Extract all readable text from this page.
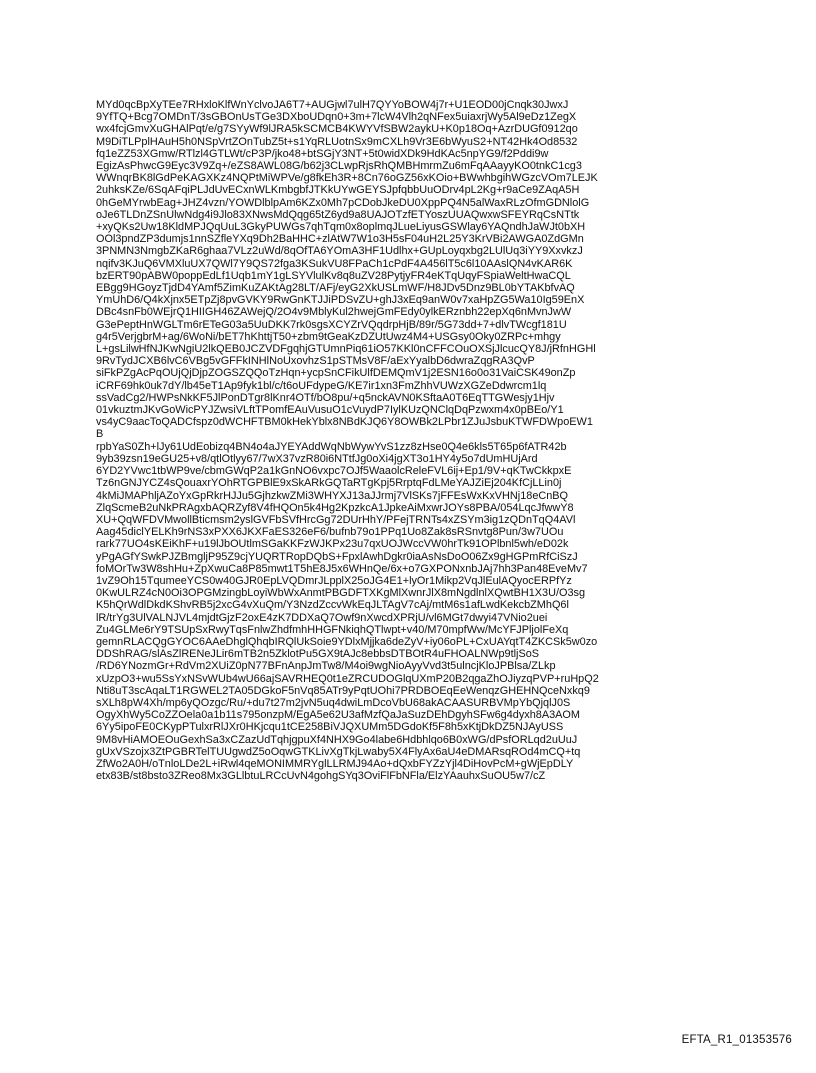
MYd0qcBpXyTEe7RHxloKlfWnYclvoJA6T7+AUGjwl7ulH7QYYoBOW4j7r+U1EOD00jCnqk30JwxJ
9YfTQ+Bcg7OMDnT/3sGBOnUsTGe3DXboUDqn0+3m+7lcW4Vlh2qNFex5uiaxrjWy5Al9eDz1ZegX
wx4fcjGmvXuGHAlPqt/e/g7SYyWf9lJRA5kSCMCB4KWYVfSBW2aykU+K0p18Oq+AzrDUGf0912qo
M9DiTLPplHAuH5h0NSpVrtZOnTubZ5t+s1YqRLUotnSx9mCXLh9Vr3E6bWyuS2+NT42Hk4Od8532
fq1eZZ53XGmw/RTlzl4GTLWt/cP3P/jko48+btSGjY3NT+5t0widXDk9HdKAc5npYG9/f2Pddi9w
EgizAsPhwcG9Eyc3V9Zq+/eZS8AWL08G/b62j3CLwpRjsRhQMBHmrmZu6mFqAAayyKO0tnkC1cg3
WWnqrBK8lGdPeKAGXKz4NQPtMiWPVe/g8fkEh3R+8Cn76oGZ56xKOio+BWwhbgihWGzcVOm7LEJK
2uhksKZe/6SqAFqiPLJdUvECxnWLKmbgbfJTKkUYwGEYSJpfqbbUuODrv4pL2Kg+r9aCe9ZAqA5H
0hGeMYrwbEag+JHZ4vzn/YOWDlblpAm6KZx0Mh7pCDobJkeDU0XppPQ4N5alWaxRLzOfmGDNlolG
oJe6TLDnZSnUlwNdg4i9Jlo83XNwsMdQqg65tZ6yd9a8UAJOTzfETYoszUUAQwxwSFEYRqCsNTtk
+xyQKs2Uw18KldMPJQqUuL3GkyPUWGs7qhTqm0x8oplmqJLueLiyusGSWlay6YAQndhJaWJt0bXH
OOl3pndZP3dumjs1nnSZfleYXq9Dh2BaHHC+zlAtW7W1o3H5sF04uH2L25Y3KrVBi2AWGA0ZdGMn
3PNMN3NmgbZKaR6ghaa7VLz2uWd/8qOfTA6YOmA3HF1Udlhx+GUpLoyqxbg2LUlUq3iYY9XxvkzJ
nqifv3KJuQ6VMXluUX7QWl7Y9QS72fga3KSukVU8FPaCh1cPdF4A456lT5c6l10AAslQN4vKAR6K
bzERT90pABW0poppEdLf1Uqb1mY1gLSYVlulKv8q8uZV28PytjyFR4eKTqUqyFSpiaWeltHwaCQL
EBgg9HGoyzTjdD4YAmf5ZimKuZAKtAg28LT/AFj/eyG2XkUSLmWF/H8JDv5Dnz9BL0bYTAKbfvAQ
YmUhD6/Q4kXjnx5ETpZj8pvGVKY9RwGnKTJJiPDSvZU+ghJ3xEq9anW0v7xaHpZG5Wa10Ig59EnX
DBc4snFb0WEjrQ1HIIGH46ZAWejQ/2O4v9MblyKul2hwejGmFEdy0ylkERznbh22epXq6nMvnJwW
G3ePeptHnWGLTm6rETeG03a5UuDKK7rk0sgsXCYZrVQqdrpHjB/89r/5G73dd+7+dlvTWcgf181U
g4r5VerjgbrM+ag/6WoNi/bET7hKhttjT50+zbm9tGeaKzDZUtUwz4M4+USGsy0Oky0ZRPc+mhgy
L+gsLilwHfNJKwNgiU2lkQEB0JCZVDFgqhjGTUmnPiq61iO57KKl0nCFFCOuOXSjJlcucQY8J/jRfnHGHl
9RvTydJCXB6lvC6VBg5vGFFkINHlNoUxovhzS1pSTMsV8F/aExYyalbD6dwraZqgRA3QvP
siFkPZgAcPqOUjQjDjpZOGSZQQoTzHqn+ycpSnCFikUlfDEMQmV1j2ESN16o0o31VaiCSK49onZp
iCRF69hk0uk7dY/lb45eT1Ap9fyk1bl/c/t6oUFdypeG/KE7ir1xn3FmZhhVUWzXGZeDdwrcm1lq
ssVadCg2/HWPsNkKF5JlPonDTgr8lKnr4OTf/bO8pu/+q5nckAVN0KSftaA0T6EqTTGWesjy1Hjv
01vkuztmJKvGoWicPYJZwsiVLftTPomfEAuVusuO1cVuydP7IylKUzQNClqDqPzwxm4x0pBEo/Y1
vs4yC9aacToQADCfspz0dWCHFTBM0kHekYblx8NBdKJQ6Y8OWBk2LPbr1ZJuJsbuKTWFDWpoEW1
B
rpbYaS0Zh+lJy61UdEobizq4BN4o4aJYEYAddWqNbWywYvS1zz8zHse0Q4e6kls5T65p6fATR42b
9yb39zsn19eGU25+v8/qtlOtlyy67/7wX37vzR80i6NTtfJg0oXi4jgXT3o1HY4y5o7dUmHUjArd
6YD2YVwc1tbWP9ve/cbmGWqP2a1kGnNO6vxpc7OJf5WaaolcReleFVL6ij+Ep1/9V+qKTwCkkpxE
Tz6nGNJYCZ4sQouaxrYOhRTGPBlE9xSkARkGQTaRTgKpj5RrptqFdLMeYAJZiEj204KfCjLLin0j
4kMiJMAPhljAZoYxGpRkrHJJu5GjhzkwZMi3WHYXJ13aJJrmj7VlSKs7jFFEsWxKxVHNj18eCnBQ
ZlqScmeB2uNkPRAgxbAQRZyf8V4fHQOn5k4Hg2KpzkcA1JpkeAiMxwrJOYs8PBA/054LqcJfwwY8
XU+QqWFDVMwollBticmsm2yslGVFbSVfHrcGg72DUrHhY/PFejTRNTs4xZSYm3ig1zQDnTqQ4AVl
Aag45diclYELKh9rNS3xPXX6JKXFaES326eF6/bufnb79o1PPq1Uo8Zak8sRSnvtg8Pun/3w7UOu
rark77UO4sKEiKhF+u19lJbOUtlmSGaKKFzWJKPx23u7qxUOJWccVW0hrTk91OPlbnl5wh/eD02k
yPgAGfYSwkPJZBmgljP95Z9cjYUQRTRopDQbS+FpxlAwhDgkr0iaAsNsDoO06Zx9gHGPmRfCiSzJ
foMOrTw3W8shHu+ZpXwuCa8P85mwt1T5hE8J5x6WHnQe/6x+o7GXPONxnbJAj7hh3Pan48EveMv7
1vZ9Oh15TqumeeYCS0w40GJR0EpLVQDmrJLpplX25oJG4E1+lyOr1Mikp2VqJlEulAQyocERPfYz
0KwULRZ4cN0Oi3OPGMzingbLoyiWbWxAnmtPBGDFTXKgMlXwnrJlX8mNgdlnlXQwtBH1X3U/O3sg
K5hQrWdlDkdKShvRB5j2xcG4vXuQm/Y3NzdZccvWkEqJLTAgV7cAj/mtM6s1afLwdKekcbZMhQ6l
lR/trYg3UlVALNJVL4mjdtGjzF2oxE4zK7DDXaQ7Owf9nXwcdXPRjU/vl6MGt7dwyi47VNio2uei
Zu4GLMe6rY9TSUpSxRwyTqsFnlwZhdfmhHHGFNkiqhQTlwpt+v40/M70mpfWw/McYFJPljolFeXq
gemnRLACQgGYOC6AAeDhglQhqbIRQlUkSoie9YDlxMjjka6deZyV+iy06oPL+CxUAYqtT4ZKCSk5w0zo
DDShRAG/slAsZlRENeJLir6mTB2n5ZklotPu5GX9tAJc8ebbsDTBOtR4uFHOALNWp9tljSoS
/RD6YNozmGr+RdVm2XUiZ0pN77BFnAnpJmTw8/M4oi9wgNioAyyVvd3t5ulncjKloJPBlsa/ZLkp
xUzpO3+wu5SsYxNSvWUb4wU66ajSAVRHEQ0t1eZRCUDOGlqUXmP20B2qgaZhOJiyzqPVP+ruHpQ2
Nti8uT3scAqaLT1RGWEL2TA05DGkoF5nVq85ATr9yPqtUOhi7PRDBOEqEeWenqzGHEHNQceNxkq9
sXLh8pW4Xh/mp6yQOzgc/Ru/+du7t27m2jvN5uq4dwiLmDcoVbU68akACAASURBVMpYbQjqlJ0S
OgyXhWy5CoZZOela0a1b11s795onzpM/EgA5e62U3afMzfQaJaSuzDEhDgyhSFw6g4dyxh8A3AOM
6Yy5ipoFE0CKypPTulxrRlJXr0HKjcqu1tCE258BiVJQXUMm5DGdoKf5F8h5xKtjDkDZ5NJAyUSS
9M8vHiAMOEOuGexhSa3xCZazUdTqhjgpuXf4NHX9Go4labe6Hdbhlqo6B0xWG/dPsfORLqd2uUuJ
gUxVSzojx3ZtPGBRTelTUUgwdZ5oOqwGTKLivXgTkjLwaby5X4FlyAx6aU4eDMARsqROd4mCQ+tq
ZfWo2A0H/oTnloLDe2L+iRwl4qeMONIMMRYglLLRMJ94Ao+dQxbFYZzYjl4DiHovPcM+gWjEpDLY
etx83B/st8bsto3ZReo8Mx3GLlbtuLRCcUvN4gohgSYq3OviFlFbNFla/ElzYAauhxSuOU5w7/cZ
EFTA_R1_01353576
